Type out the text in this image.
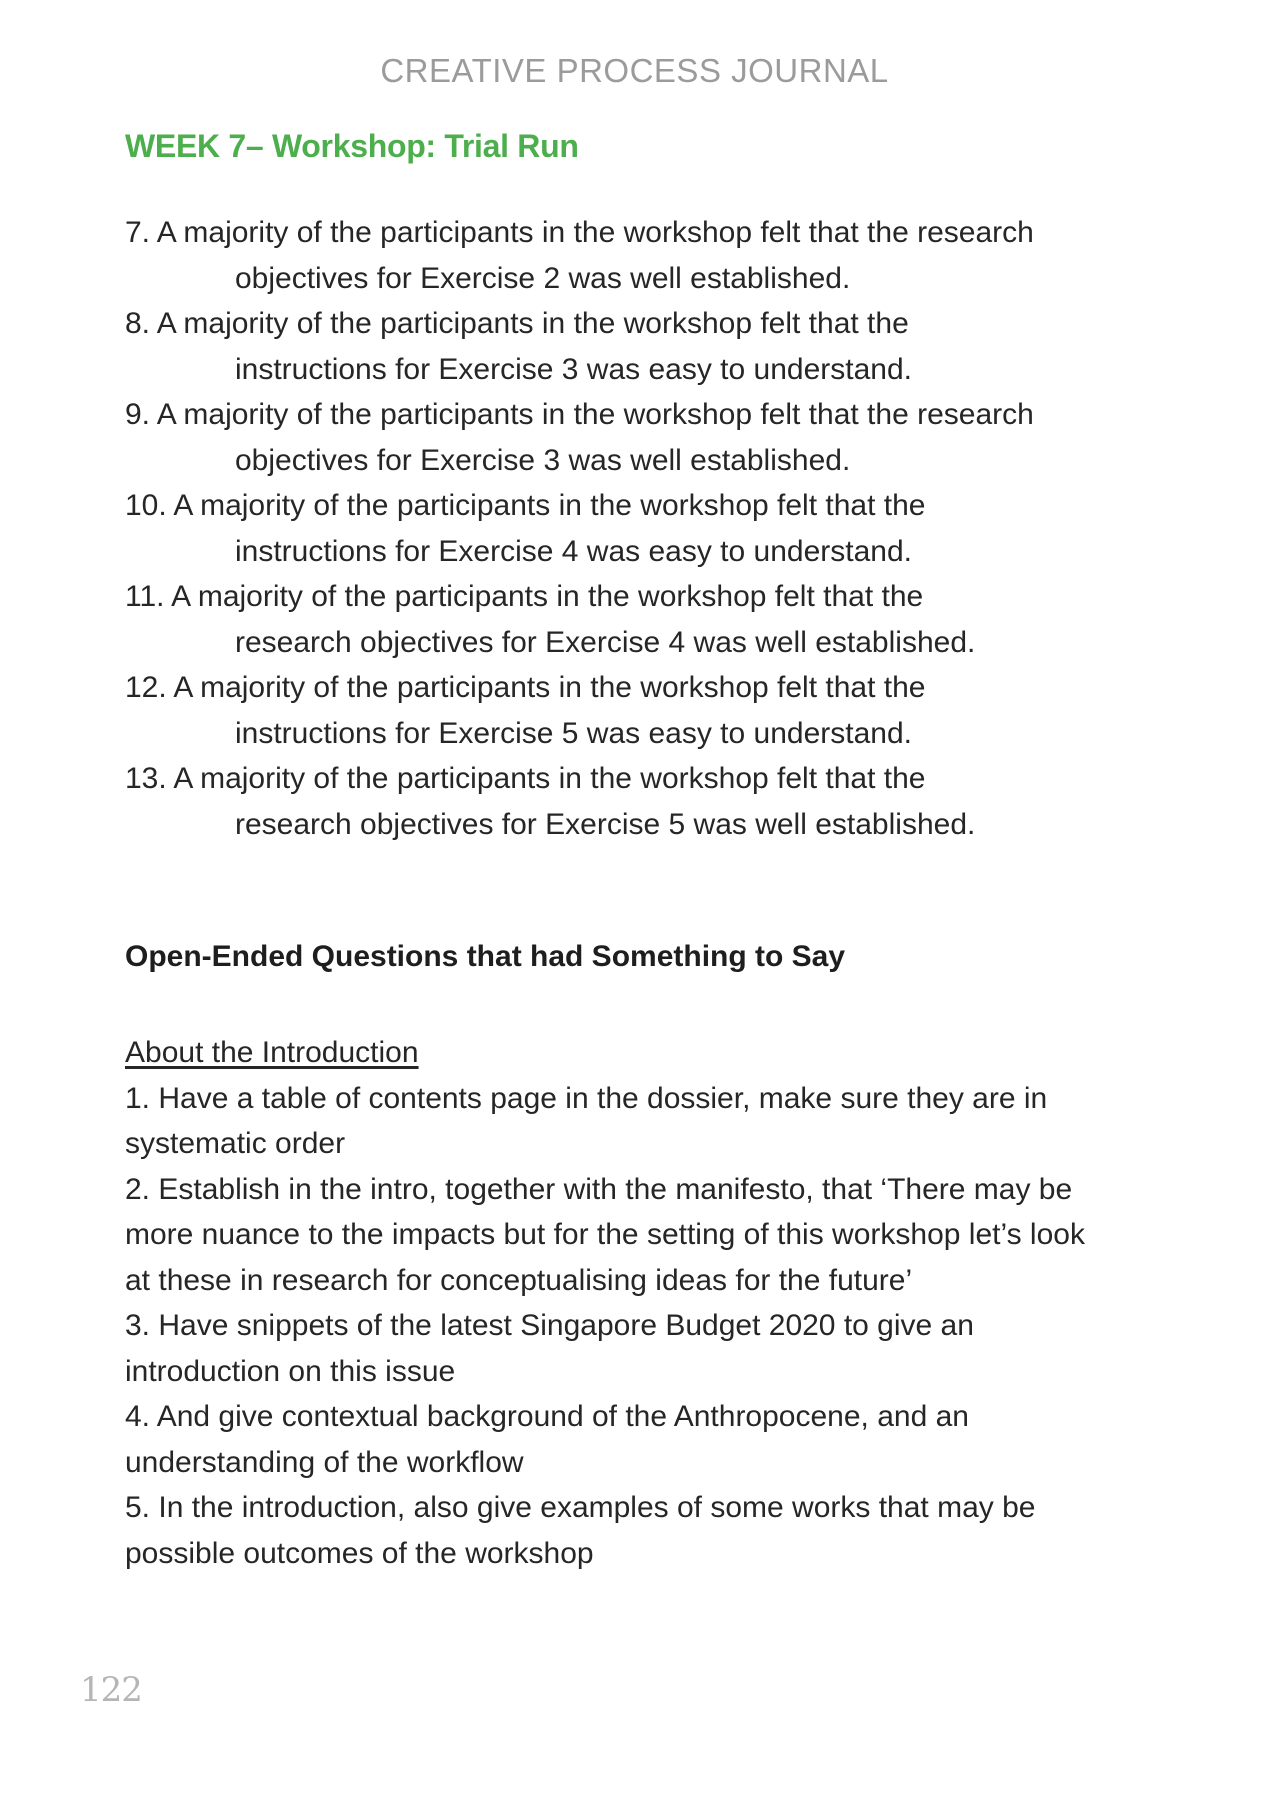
CREATIVE PROCESS JOURNAL
WEEK 7– Workshop: Trial Run
7. A majority of the participants in the workshop felt that the research
objectives for Exercise 2 was well established.
8. A majority of the participants in the workshop felt that the
instructions for Exercise 3 was easy to understand.
9. A majority of the participants in the workshop felt that the research
objectives for Exercise 3 was well established.
10. A majority of the participants in the workshop felt that the
instructions for Exercise 4 was easy to understand.
11. A majority of the participants in the workshop felt that the
research objectives for Exercise 4 was well established.
12. A majority of the participants in the workshop felt that the
instructions for Exercise 5 was easy to understand.
13. A majority of the participants in the workshop felt that the
research objectives for Exercise 5 was well established.
Open-Ended Questions that had Something to Say
About the Introduction
1. Have a table of contents page in the dossier, make sure they are in systematic order
2. Establish in the intro, together with the manifesto, that ‘There may be more nuance to the impacts but for the setting of this workshop let’s look at these in research for conceptualising ideas for the future’
3. Have snippets of the latest Singapore Budget 2020 to give an introduction on this issue
4. And give contextual background of the Anthropocene, and an understanding of the workflow
5. In the introduction, also give examples of some works that may be possible outcomes of the workshop
122
